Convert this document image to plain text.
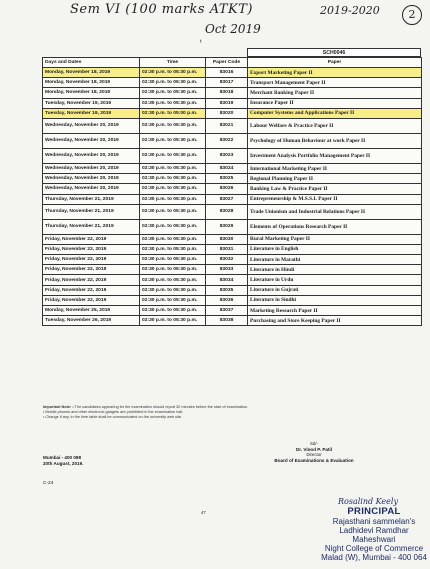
Sem VI (100 marks ATKT)	2019-2020	2
Oct 2019
ᵗ
SCH0046
Days and Dates	Time	Paper Code	Paper
Monday, November 18, 2019	02:30 p.m. to 05:30 p.m.	83016	Export Marketing Paper II
Monday, November 18, 2019	02:30 p.m. to 05:30 p.m.	83017	Transport Management Paper II
Monday, November 18, 2019	02:30 p.m. to 05:30 p.m.	83018	Merchant Banking Paper II
Tuesday, November 19, 2019	02:30 p.m. to 05:30 p.m.	83019	Insurance Paper II
Tuesday, November 19, 2019	02:30 p.m. to 05:00 p.m.	83020	Computer Systems and Applications Paper II
Wednesday, November 20, 2019	02:30 p.m. to 05:30 p.m.	83021	Labour Welfare & Practice Paper II
Wednesday, November 20, 2019	02:30 p.m. to 05:30 p.m.	83022	Psychology of Human Behaviour at work Paper II
Wednesday, November 20, 2019	02:30 p.m. to 05:30 p.m.	83023	Investment Analysis Portfolio Management Paper II
Wednesday, November 20, 2019	02:30 p.m. to 05:30 p.m.	83024	International Marketing Paper II
Wednesday, November 20, 2019	02:30 p.m. to 05:30 p.m.	83025	Regional Planning Paper II
Wednesday, November 20, 2019	02:30 p.m. to 05:30 p.m.	83026	Banking Law & Practice Paper II
Thursday, November 21, 2019	02:30 p.m. to 05:30 p.m.	83027	Entrepreneurship & M.S.S.I. Paper II
Thursday, November 21, 2019	02:30 p.m. to 05:30 p.m.	83028	Trade Unionism and Industrial Relations Paper II
Thursday, November 21, 2019	02:30 p.m. to 05:30 p.m.	83029	Elements of Operations Research Paper II
Friday, November 22, 2019	02:30 p.m. to 05:30 p.m.	83030	Rural Marketing Paper II
Friday, November 22, 2019	02:30 p.m. to 05:30 p.m.	83031	Literature in English
Friday, November 22, 2019	02:30 p.m. to 05:30 p.m.	83032	Literature in Marathi
Friday, November 22, 2019	02:30 p.m. to 05:30 p.m.	83033	Literature in Hindi
Friday, November 22, 2019	02:30 p.m. to 05:30 p.m.	83034	Literature in Urdu
Friday, November 22, 2019	02:30 p.m. to 05:30 p.m.	83035	Literature in Gujrati
Friday, November 22, 2019	02:30 p.m. to 05:30 p.m.	83036	Literature in Sindhi
Monday, November 25, 2019	02:30 p.m. to 05:30 p.m.	83037	Marketing Research Paper II
Tuesday, November 26, 2019	02:30 p.m. to 05:30 p.m.	83038	Purchasing and Store Keeping Paper II
Important Note: • The candidates appearing for the examination should report 30 minutes before the start of examination.
• Mobile phones and other electronic gadgets are prohibited in the examination hall.
• Change if any, in the time table shall be communicated on the university web site.
Sd/-
Dr. Vinod P. Patil
Director
Board of Examinations & Evaluation
Mumbai - 400 098
20th August, 2019.
C-24
47
Rosalind Keely
PRINCIPAL
Rajasthani sammelan's
Ladhidevi Ramdhar Maheshwari
Night College of Commerce
Malad (W), Mumbai - 400 064
